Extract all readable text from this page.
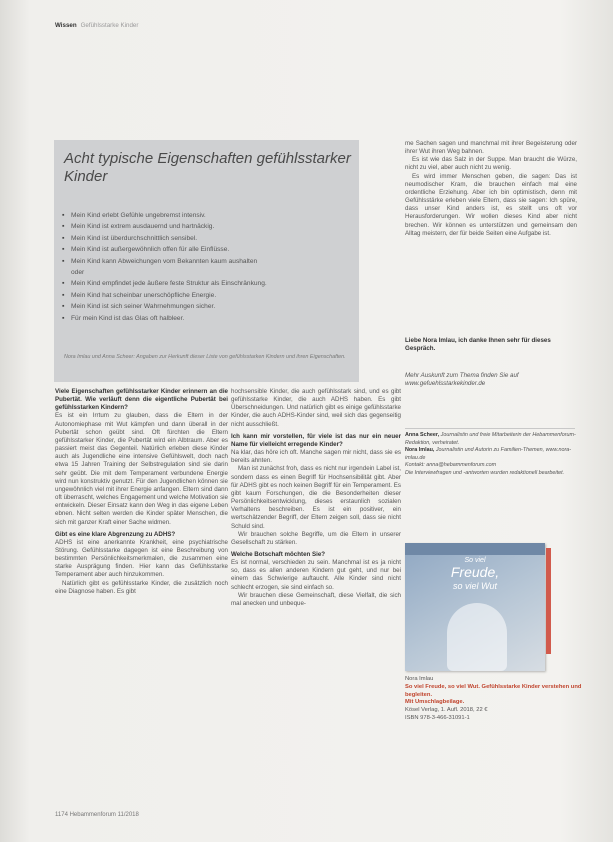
Wissen Gefühlsstarke Kinder
Acht typische Eigenschaften gefühlsstarker Kinder
▪ Mein Kind erlebt Gefühle ungebremst intensiv.
▪ Mein Kind ist extrem ausdauernd und hartnäckig.
▪ Mein Kind ist überdurchschnittlich sensibel.
▪ Mein Kind ist außergewöhnlich offen für alle Einflüsse.
▪ Mein Kind kann Abweichungen vom Bekannten kaum aushalten
oder
▪ Mein Kind empfindet jede äußere feste Struktur als Einschränkung.
▪ Mein Kind hat scheinbar unerschöpfliche Energie.
▪ Mein Kind ist sich seiner Wahrnehmungen sicher.
▪ Für mein Kind ist das Glas oft halbleer.
Nora Imlau und Anna Scheer: Angaben zur Herkunft dieser Liste von gefühlsstarken Kindern und ihren Eigenschaften.

Viele Eigenschaften gefühlsstarker Kinder erinnern an die Pubertät. Wie verläuft denn die eigentliche Pubertät bei gefühlsstarken Kindern?

Es ist ein Irrtum zu glauben, dass die Eltern in der Autonomiephase mit Wut kämpfen und dann überall in der Pubertät schon geübt sind. Oft fürchten die Eltern gefühlsstarker Kinder, die Pubertät wird ein Albtraum. Aber es passiert meist das Gegenteil. Natürlich erleben diese Kinder auch als Jugendliche eine intensive Gefühlswelt, doch nach etwa 15 Jahren Training der Selbstregulation sind sie darin sehr geübt. Die mit dem Temperament verbundene Energie wird nun konstruktiv genutzt. Für den Jugendlichen können sie ungewöhnlich viel mit ihrer Energie anfangen. Eltern sind dann oft überrascht, welches Engagement und welche Motivation sie entwickeln. Dieser Einsatz kann den Weg in das eigene Leben ebnen. Nicht selten werden die Kinder später Menschen, die sich mit ganzer Kraft einer Sache widmen.

Gibt es eine klare Abgrenzung zu ADHS?

ADHS ist eine anerkannte Krankheit, eine psychiatrische Störung. Gefühlsstarke dagegen ist eine Beschreibung von bestimmten Persönlichkeitsmerkmalen, die zusammen eine starke Ausprägung finden. Hier kann das Gefühlsstarke Temperament aber auch hinzukommen.

Natürlich gibt es gefühlsstarke Kinder, die zusätzlich noch eine Diagnose haben. Es gibt

hochsensible Kinder, die auch gefühlsstark sind, und es gibt gefühlsstarke Kinder, die auch ADHS haben. Es gibt Überschneidungen. Und natürlich gibt es einige gefühlsstarke Kinder, die auch ADHS-Kinder sind, weil sich das gegenseitig nicht ausschließt.

Ich kann mir vorstellen, für viele ist das nur ein neuer Name für vielleicht erregende Kinder?

Na klar, das höre ich oft. Manche sagen mir nicht, dass sie es bereits ahnten.

Man ist zunächst froh, dass es nicht nur irgendein Label ist, sondern dass es einen Begriff für Hochsensibilität gibt. Aber für ADHS gibt es noch keinen Begriff für ein Temperament. Es gibt kaum Forschungen, die die Besonderheiten dieser Persönlichkeitsentwicklung, dieses erstaunlich sozialen Verhaltens beschreiben. Es ist ein positiver, ein wertschätzender Begriff, der Eltern zeigen soll, dass sie nicht Schuld sind.

Wir brauchen solche Begriffe, um die Eltern in unserer Gesellschaft zu stärken.

Welche Botschaft möchten Sie?

Es ist normal, verschieden zu sein. Manchmal ist es ja nicht so, dass es allen anderen Kindern gut geht, und nur bei einem das Schwierige auftaucht. Alle Kinder sind nicht schlecht erzogen, sie sind einfach so.

Wir brauchen diese Gemeinschaft, diese Vielfalt, die sich mal anecken und unbeque-

me Sachen sagen und manchmal mit ihrer Begeisterung oder ihrer Wut ihren Weg bahnen.

Es ist wie das Salz in der Suppe. Man braucht die Würze, nicht zu viel, aber auch nicht zu wenig.

Es wird immer Menschen geben, die sagen: Das ist neumodischer Kram, die brauchen einfach mal eine ordentliche Erziehung. Aber ich bin optimistisch, denn mit Gefühlsstärke erleben viele Eltern, dass sie sagen: Ich spüre, dass unser Kind anders ist, es stellt uns oft vor Herausforderungen. Wir wollen dieses Kind aber nicht brechen. Wir können es unterstützen und gemeinsam den Alltag meistern, der für beide Seiten eine Aufgabe ist.

Liebe Nora Imlau, ich danke Ihnen sehr für dieses Gespräch.
Mehr Auskunft zum Thema finden Sie auf www.gefuehlsstarkekinder.de
Anna Scheer, Journalistin und freie Mitarbeiterin der Hebammenforum-Redaktion, verheiratet.
Nora Imlau, Journalistin und Autorin zu Familien-Themen, www.nora-imlau.de
Kontakt: anna@hebammenforum.com
Die Interviewfragen und -antworten wurden redaktionell bearbeitet.
So viel
Freude,
so viel Wut
Nora Imlau
So viel Freude, so viel Wut. Gefühlsstarke Kinder verstehen und begleiten.
Mit Umschlagbeilage.
Kösel Verlag, 1. Aufl. 2018, 22 €
ISBN 978-3-466-31091-1
1174 Hebammenforum 11/2018
